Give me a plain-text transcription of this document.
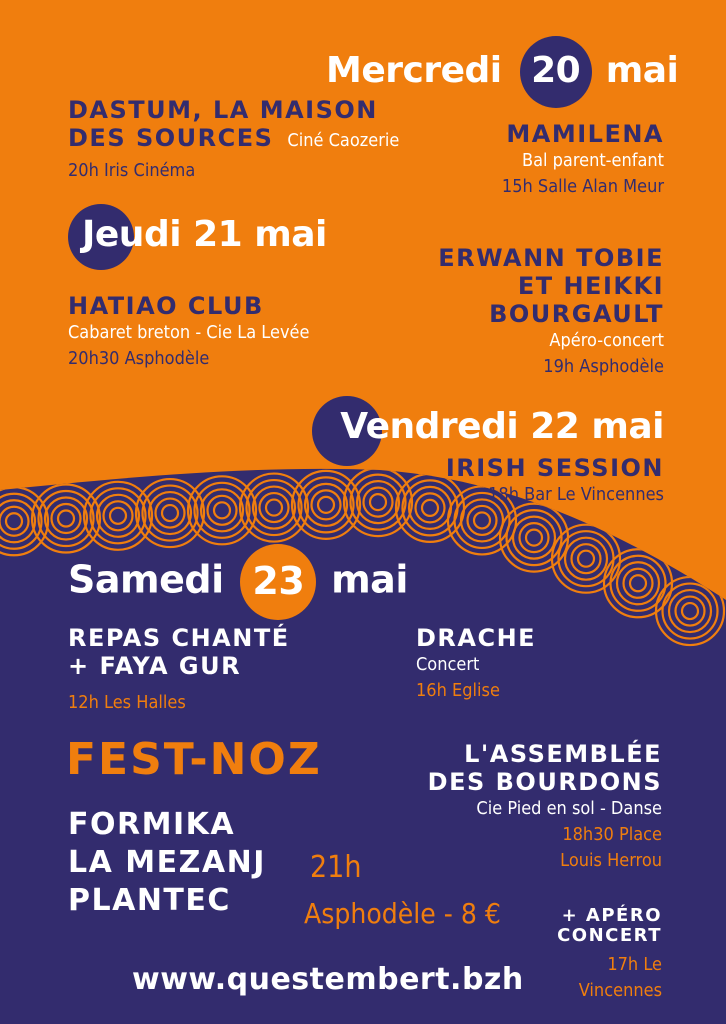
Mercredi 20 mai
DASTUM, LA MAISON
DES SOURCES Ciné Caozerie
20h Iris Cinéma
MAMILENA
Bal parent-enfant
15h Salle Alan Meur
Jeudi 21 mai
HATIAO CLUB
Cabaret breton - Cie La Levée
20h30 Asphodèle
ERWANN TOBIE
ET HEIKKI
BOURGAULT
Apéro-concert
19h Asphodèle
Vendredi 22 mai
IRISH SESSION
18h Bar Le Vincennes
Samedi 23 mai
REPAS CHANTÉ
+ FAYA GUR
12h Les Halles
DRACHE
Concert
16h Eglise
FEST-NOZ
FORMIKA
LA MEZANJ
PLANTEC
21h
Asphodèle - 8 €
L'ASSEMBLÉE
DES BOURDONS
Cie Pied en sol - Danse
18h30 Place
Louis Herrou
+ APÉRO
CONCERT
17h Le
Vincennes
www.questembert.bzh
